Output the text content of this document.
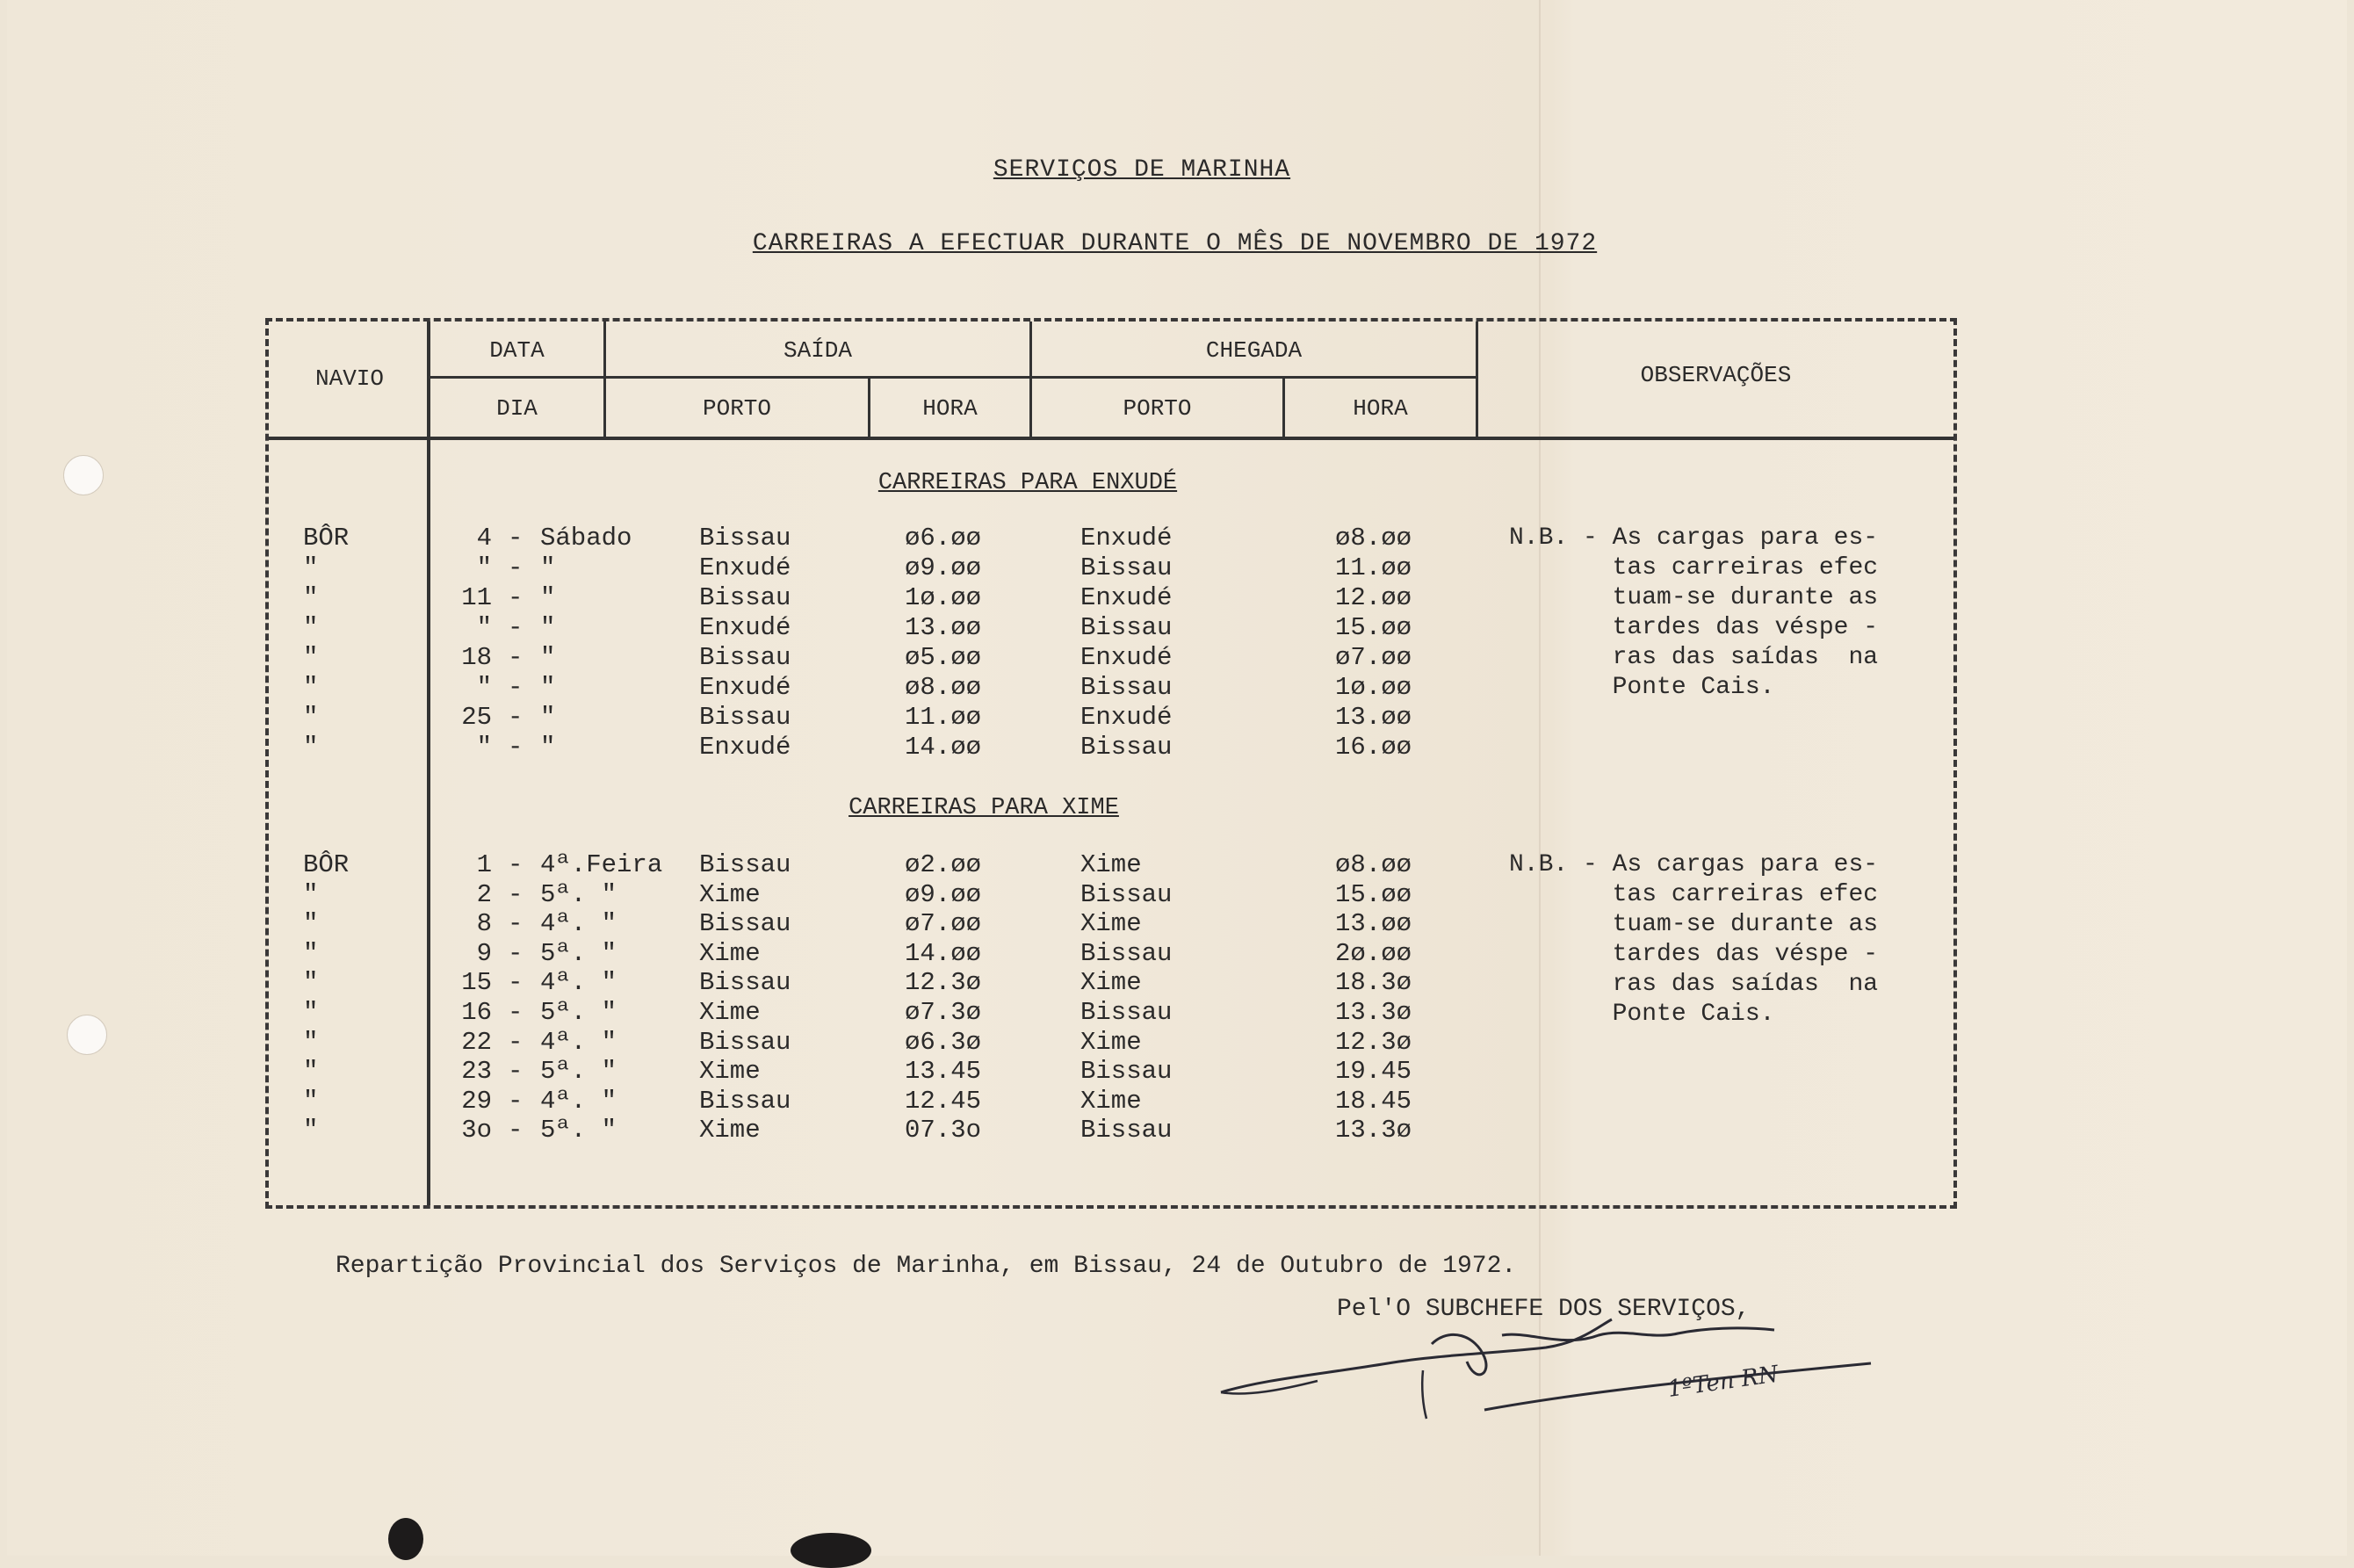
SERVIÇOS DE MARINHA
CARREIRAS A EFECTUAR DURANTE O MÊS DE NOVEMBRO DE 1972
NAVIO
DATA
DIA
SAÍDA
PORTO	HORA
CHEGADA
PORTO	HORA
OBSERVAÇÕES
CARREIRAS PARA ENXUDÉ
CARREIRAS PARA XIME
BÔR	4 - Sábado	Bissau	ø6.øø	Enxudé	ø8.øø
"	" - "	Enxudé	ø9.øø	Bissau	11.øø
"	11 - "	Bissau	1ø.øø	Enxudé	12.øø
"	" - "	Enxudé	13.øø	Bissau	15.øø
"	18 - "	Bissau	ø5.øø	Enxudé	ø7.øø
"	" - "	Enxudé	ø8.øø	Bissau	1ø.øø
"	25 - "	Bissau	11.øø	Enxudé	13.øø
"	" - "	Enxudé	14.øø	Bissau	16.øø
BÔR	1 - 4ª.Feira Bissau	ø2.øø	Xime	ø8.øø
"	2 - 5ª. "	Xime	ø9.øø	Bissau	15.øø
"	8 - 4ª. "	Bissau	ø7.øø	Xime	13.øø
"	9 - 5ª. "	Xime	14.øø	Bissau	2ø.øø
"	15 - 4ª. "	Bissau	12.3ø	Xime	18.3ø
"	16 - 5ª. "	Xime	ø7.3ø	Bissau	13.3ø
"	22 - 4ª. "	Bissau	ø6.3ø	Xime	12.3ø
"	23 - 5ª. "	Xime	13.45	Bissau	19.45
"	29 - 4ª. "	Bissau	12.45	Xime	18.45
"	3o - 5ª. "	Xime	07.3o	Bissau	13.3ø
N.B. - As cargas para es-
tas carreiras efec
tuam-se durante as
tardes das véspe -
ras das saídas  na
Ponte Cais.
N.B. - As cargas para es-
tas carreiras efec
tuam-se durante as
tardes das véspe -
ras das saídas  na
Ponte Cais.
Repartição Provincial dos Serviços de Marinha, em Bissau, 24 de Outubro de 1972.
Pel'O SUBCHEFE DOS SERVIÇOS,
1ºTen RN
